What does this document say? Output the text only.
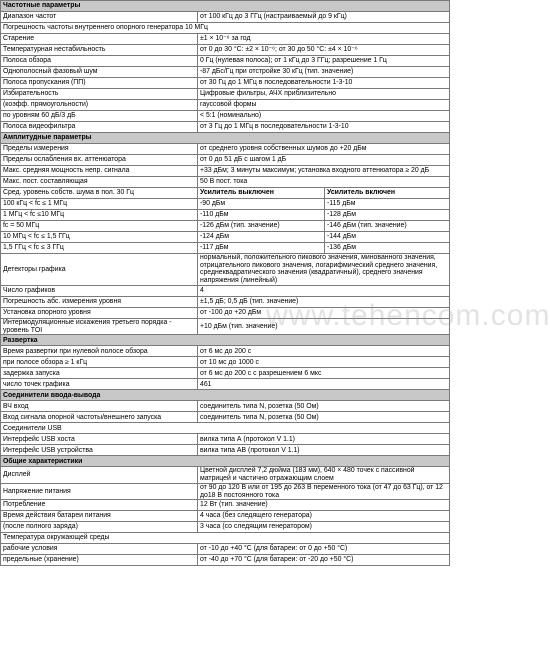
Частотные параметры		
Диапазон частот	от 100 кГц до 3 ГГц (настраиваемый до 9 кГц)	
Погрешность частоты внутреннего опорного генератора 10 МГц		
Старение	±1 × 10⁻⁶ за год	
Температурная нестабильность	от 0 до 30 °С: ±2 × 10⁻⁶; от 30 до 50 °С: ±4 × 10⁻⁶	
Полоса обзора	0 Гц (нулевая полоса); от 1 кГц до 3 ГГц; разрешение 1 Гц	
Однополосный фазовый шум	-87 дБс/Гц при отстройке 30 кГц (тип. значение)	
Полоса пропускания (ПП)	от 30 Гц до 1 МГц в последовательности 1-3-10	
Избирательность	Цифровые фильтры, АЧХ приблизительно	
(коэфф. прямоугольности)	гауссовой формы	
по уровням 60 дБ/3 дБ	< 5:1 (номинально)	
Полоса видеофильтра	от 3 Гц до 1 МГц в последовательности 1-3-10	
Амплитудные параметры		
Пределы измерения	от среднего уровня собственных шумов до +20 дБм	
Пределы ослабления вх. аттенюатора	от 0 до 51 дБ с шагом 1 дБ	
Макс. средняя мощность непр. сигнала	+33 дБм; 3 минуты максимум; установка входного аттенюатора ≥ 20 дБ	
Макс. пост. составляющая	50 В пост. тока	
Сред. уровень собств. шума в пол. 30 Гц	Усилитель выключен	Усилитель включен
100 кГц < fc ≤ 1 МГц	-90 дБм	-115 дБм
1 МГц < fc ≤10 МГц	-110 дБм	-128 дБм
fc = 50 МГц	-126 дБм (тип. значение)	-146 дБм (тип. значение)
10 МГц < fc ≤ 1,5 ГГц	-124 дБм	-144 дБм
1,5 ГГц < fc ≤ 3 ГГц	-117 дБм	-136 дБм
Детекторы графика	нормальный, положительного пикового значения, минованного значения, отрицательного пикового значения, логарифмический среднего значения, среднеквадратического значения (квадратичный), среднего значения напряжения (линейный)	
Число графиков	4	
Погрешность абс. измерения уровня	±1,5 дБ; 0,5 дБ (тип. значение)	
Установка опорного уровня	от -100 до +20 дБм	
Интермодуляционные искажения третьего порядка - уровень TOI	+10 дБм (тип. значение)	
Развертка		
Время развертки при нулевой полосе обзора	от 6 мс до 200 с	
при полосе обзора ≥ 1 кГц	от 10 мс до 1000 с	
задержка запуска	от 6 мс до 200 с с разрешением 6 мкс	
число точек графика	461	
Соединители ввода-вывода		
ВЧ вход	соединитель типа N, розетка (50 Ом)	
Вход сигнала опорной частоты/внешнего запуска	соединитель типа N, розетка (50 Ом)	
Соединители USB		
Интерфейс USB хоста	вилка типа А (протокол V 1.1)	
Интерфейс USB устройства	вилка типа АВ (протокол V 1.1)	
Общие характеристики		
Дисплей	Цветной дисплей 7,2 дюйма (183 мм), 640 × 480 точек с пассивной матрицей и частично отражающим слоем	
Напряжение питания	от 90 до 120 В или от 195 до 263 В переменного тока (от 47 до 63 Гц), от 12 до18 В постоянного тока	
Потребление	12 Вт (тип. значение)	
Время действия батареи питания	4 часа (без следящего генератора)	
(после полного заряда)	3 часа (со следящим генератором)	
Температура окружающей среды		
рабочие условия	от -10 до +40 °С (для батареи: от 0 до +50 °С)	
предельные (хранение)	от -40 до +70 °С (для батареи: от -20 до +50 °С)	
www.tehencom.com
